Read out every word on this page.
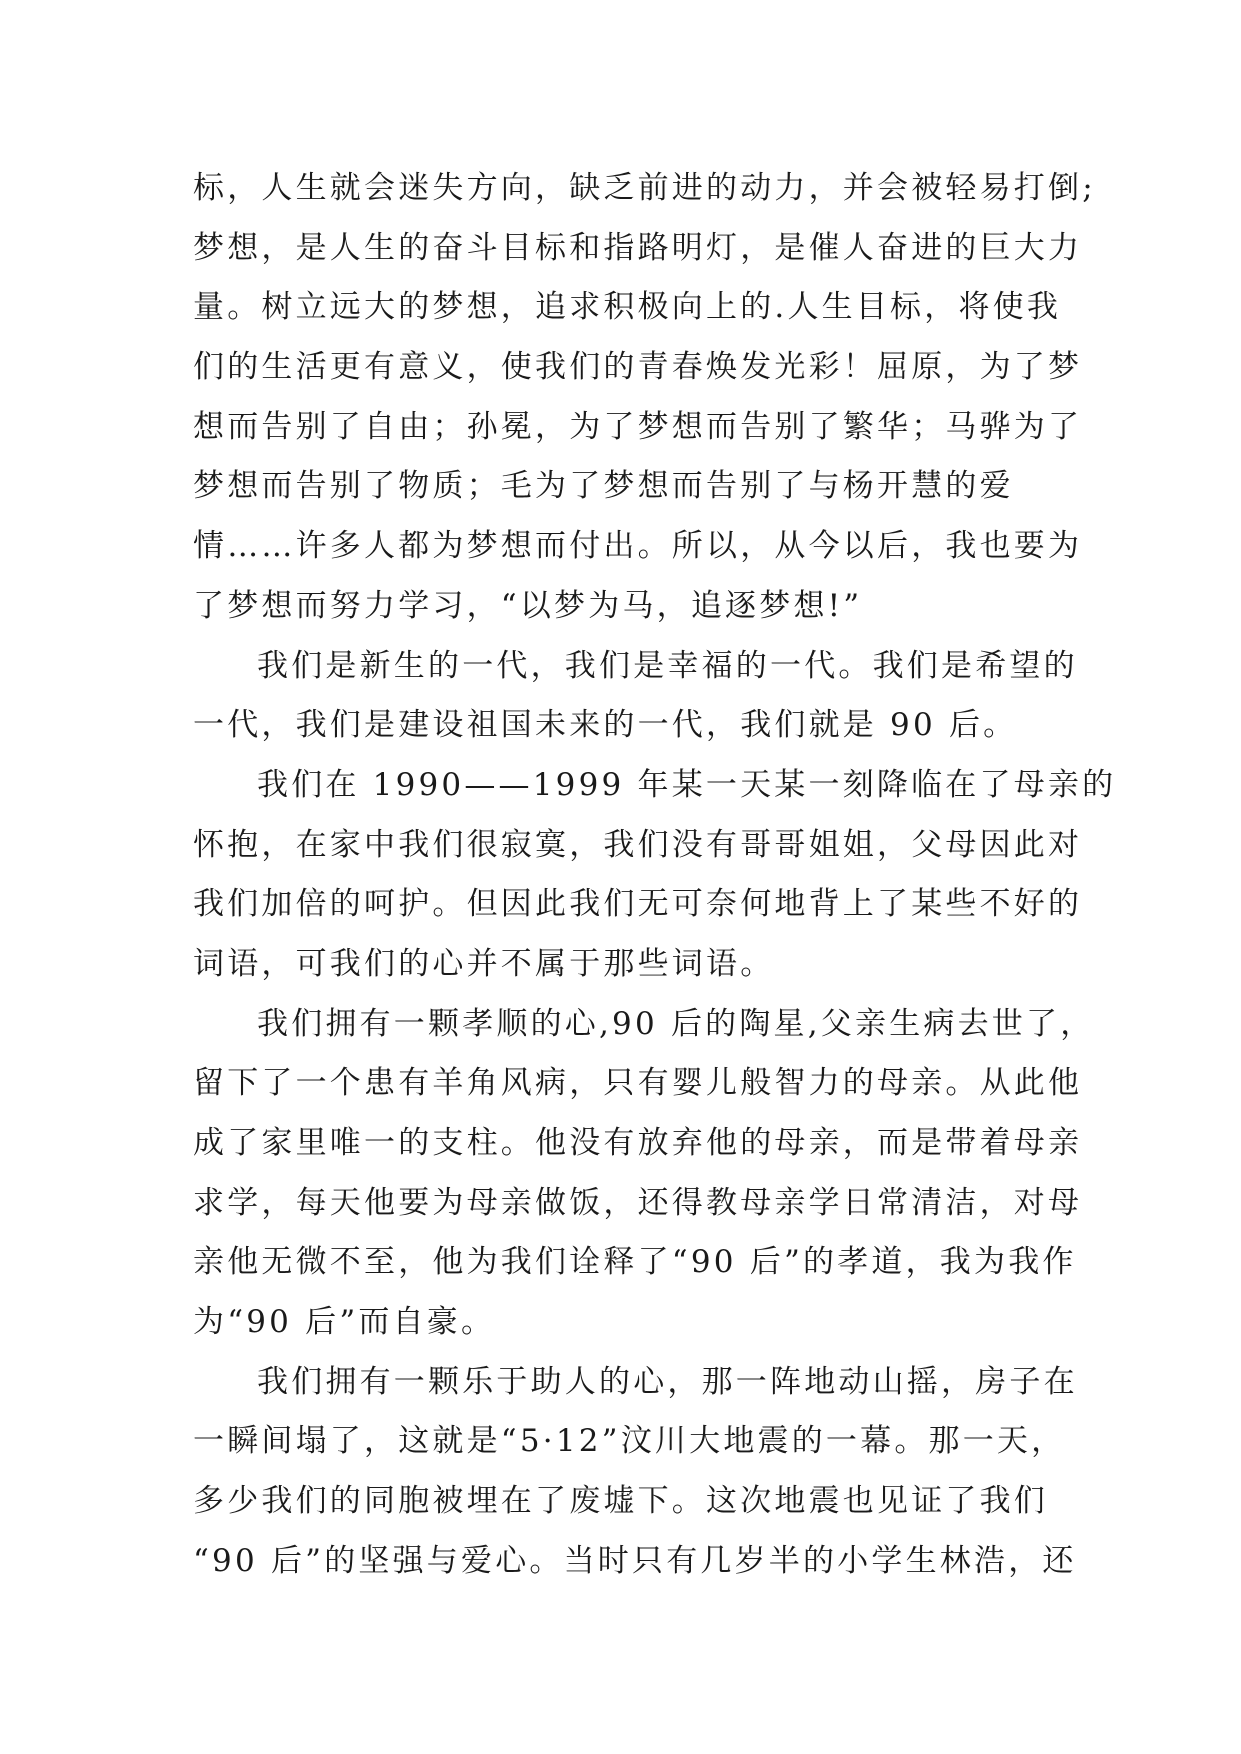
标，人生就会迷失方向，缺乏前进的动力，并会被轻易打倒;
梦想，是人生的奋斗目标和指路明灯，是催人奋进的巨大力
量。树立远大的梦想，追求积极向上的.人生目标，将使我
们的生活更有意义，使我们的青春焕发光彩！屈原，为了梦
想而告别了自由；孙冕，为了梦想而告别了繁华；马骅为了
梦想而告别了物质；毛为了梦想而告别了与杨开慧的爱
情……许多人都为梦想而付出。所以，从今以后，我也要为
了梦想而努力学习，“以梦为马，追逐梦想!”
我们是新生的一代，我们是幸福的一代。我们是希望的
一代，我们是建设祖国未来的一代，我们就是 90 后。
我们在 1990——1999 年某一天某一刻降临在了母亲的
怀抱，在家中我们很寂寞，我们没有哥哥姐姐，父母因此对
我们加倍的呵护。但因此我们无可奈何地背上了某些不好的
词语，可我们的心并不属于那些词语。
我们拥有一颗孝顺的心,90 后的陶星,父亲生病去世了，
留下了一个患有羊角风病，只有婴儿般智力的母亲。从此他
成了家里唯一的支柱。他没有放弃他的母亲，而是带着母亲
求学，每天他要为母亲做饭，还得教母亲学日常清洁，对母
亲他无微不至，他为我们诠释了“90 后”的孝道，我为我作
为“90 后”而自豪。
我们拥有一颗乐于助人的心，那一阵地动山摇，房子在
一瞬间塌了，这就是“5·12”汶川大地震的一幕。那一天，
多少我们的同胞被埋在了废墟下。这次地震也见证了我们
“90 后”的坚强与爱心。当时只有几岁半的小学生林浩，还
